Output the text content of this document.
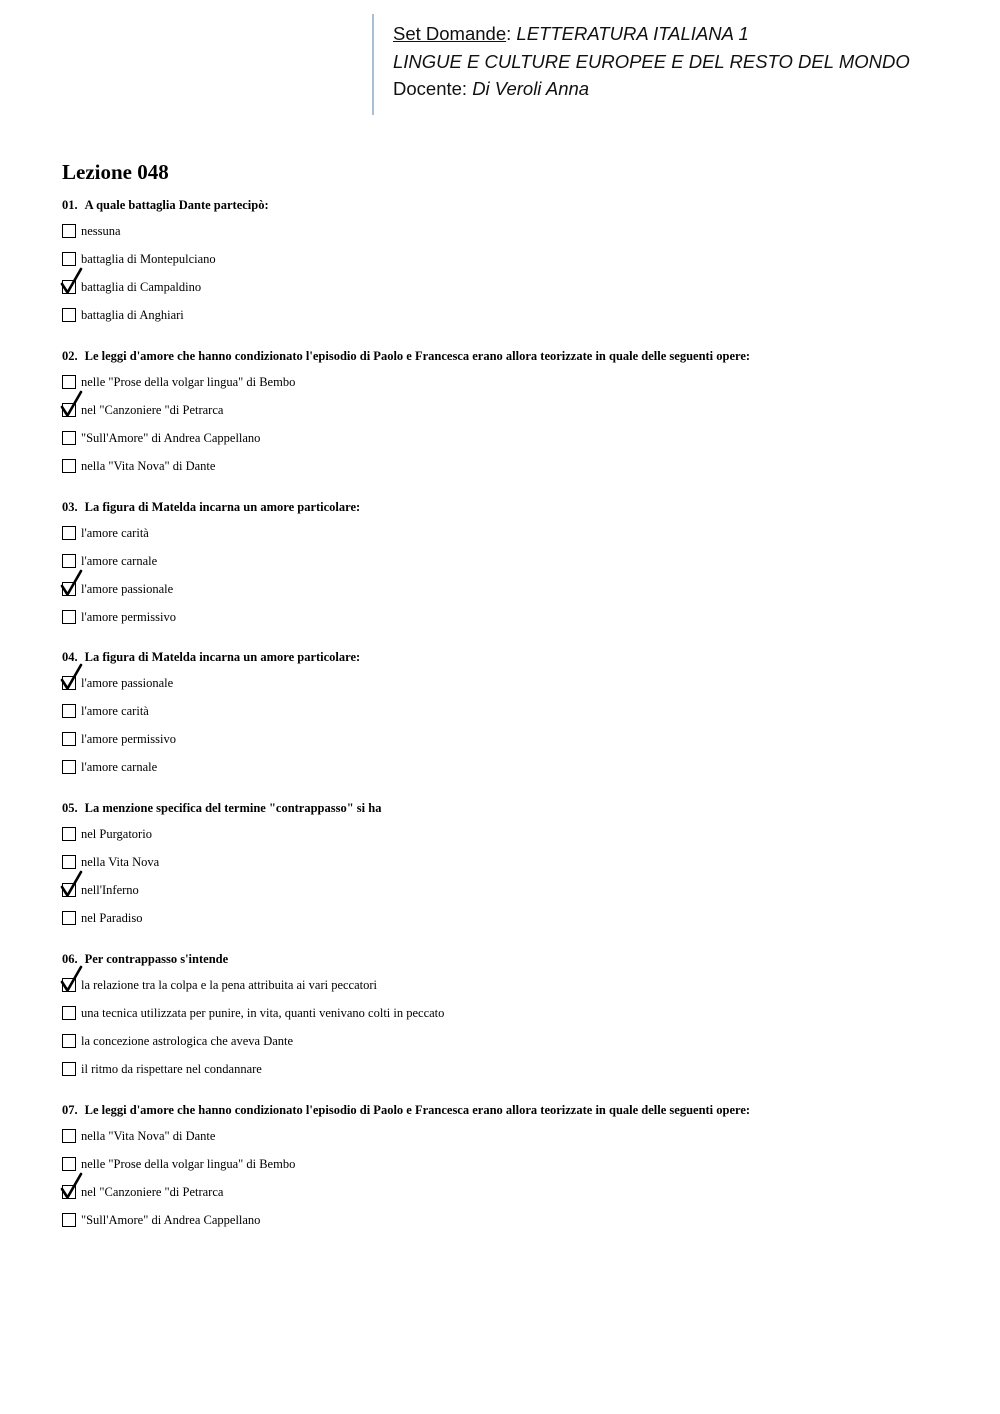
Set Domande: LETTERATURA ITALIANA 1
LINGUE E CULTURE EUROPEE E DEL RESTO DEL MONDO
Docente: Di Veroli Anna
Lezione 048
01. A quale battaglia Dante partecipò:
nessuna
battaglia di Montepulciano
battaglia di Campaldino
battaglia di Anghiari
02. Le leggi d'amore che hanno condizionato l'episodio di Paolo e Francesca erano allora teorizzate in quale delle seguenti opere:
nelle "Prose della volgar lingua" di Bembo
nel "Canzoniere "di Petrarca
"Sull'Amore" di Andrea Cappellano
nella "Vita Nova" di Dante
03. La figura di Matelda incarna un amore particolare:
l'amore carità
l'amore carnale
l'amore passionale
l'amore permissivo
04. La figura di Matelda incarna un amore particolare:
l'amore passionale
l'amore carità
l'amore permissivo
l'amore carnale
05. La menzione specifica del termine "contrappasso" si ha
nel Purgatorio
nella Vita Nova
nell'Inferno
nel Paradiso
06. Per contrappasso s'intende
la relazione tra la colpa e la pena attribuita ai vari peccatori
una tecnica utilizzata per punire, in vita, quanti venivano colti in peccato
la concezione astrologica che aveva Dante
il ritmo da rispettare nel condannare
07. Le leggi d'amore che hanno condizionato l'episodio di Paolo e Francesca erano allora teorizzate in quale delle seguenti opere:
nella "Vita Nova" di Dante
nelle "Prose della volgar lingua" di Bembo
nel "Canzoniere "di Petrarca
"Sull'Amore" di Andrea Cappellano
